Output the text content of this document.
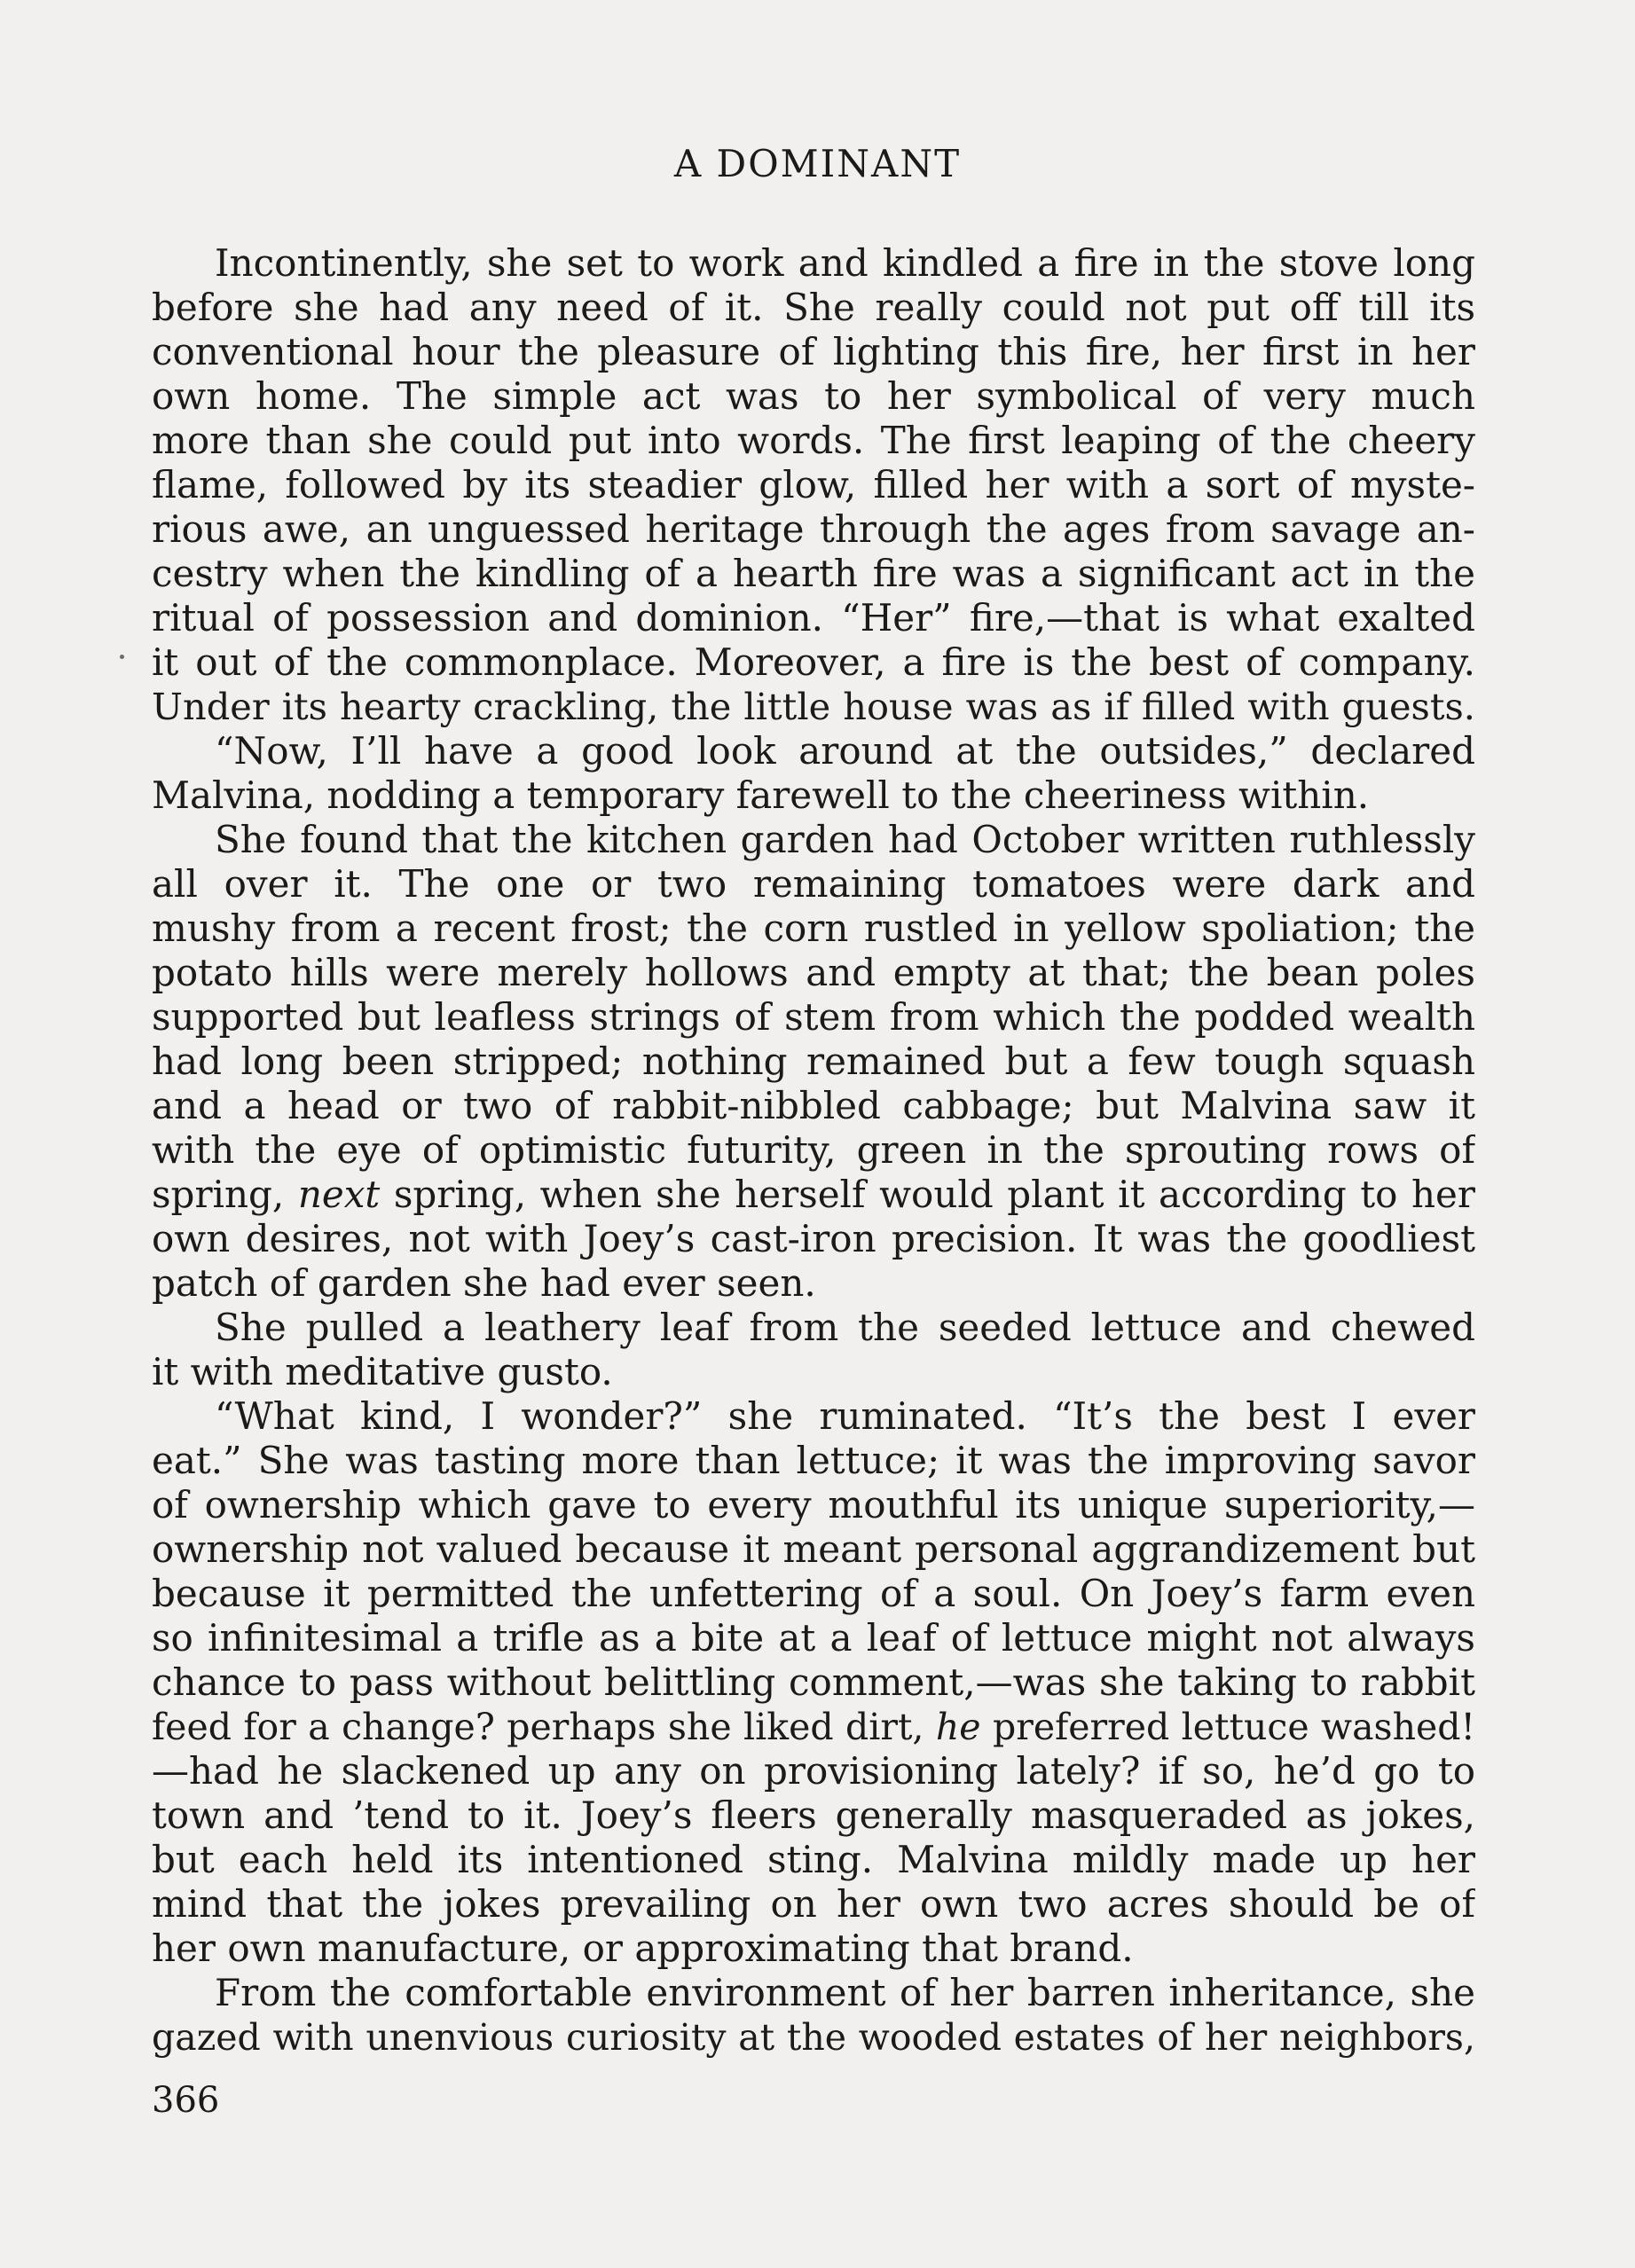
A DOMINANT
Incontinently, she set to work and kindled a fire in the stove long
before she had any need of it. She really could not put off till its
conventional hour the pleasure of lighting this fire, her first in her
own home. The simple act was to her symbolical of very much
more than she could put into words. The first leaping of the cheery
flame, followed by its steadier glow, filled her with a sort of myste-
rious awe, an unguessed heritage through the ages from savage an-
cestry when the kindling of a hearth fire was a significant act in the
ritual of possession and dominion. “Her” fire,—that is what exalted
it out of the commonplace. Moreover, a fire is the best of company.
Under its hearty crackling, the little house was as if filled with guests.
“Now, I’ll have a good look around at the outsides,” declared
Malvina, nodding a temporary farewell to the cheeriness within.
She found that the kitchen garden had October written ruthlessly
all over it. The one or two remaining tomatoes were dark and
mushy from a recent frost; the corn rustled in yellow spoliation; the
potato hills were merely hollows and empty at that; the bean poles
supported but leafless strings of stem from which the podded wealth
had long been stripped; nothing remained but a few tough squash
and a head or two of rabbit-nibbled cabbage; but Malvina saw it
with the eye of optimistic futurity, green in the sprouting rows of
spring, next spring, when she herself would plant it according to her
own desires, not with Joey’s cast-iron precision. It was the goodliest
patch of garden she had ever seen.
She pulled a leathery leaf from the seeded lettuce and chewed
it with meditative gusto.
“What kind, I wonder?” she ruminated. “It’s the best I ever
eat.” She was tasting more than lettuce; it was the improving savor
of ownership which gave to every mouthful its unique superiority,—
ownership not valued because it meant personal aggrandizement but
because it permitted the unfettering of a soul. On Joey’s farm even
so infinitesimal a trifle as a bite at a leaf of lettuce might not always
chance to pass without belittling comment,—was she taking to rabbit
feed for a change? perhaps she liked dirt, he preferred lettuce washed!
—had he slackened up any on provisioning lately? if so, he’d go to
town and ’tend to it. Joey’s fleers generally masqueraded as jokes,
but each held its intentioned sting. Malvina mildly made up her
mind that the jokes prevailing on her own two acres should be of
her own manufacture, or approximating that brand.
From the comfortable environment of her barren inheritance, she
gazed with unenvious curiosity at the wooded estates of her neighbors,
366
